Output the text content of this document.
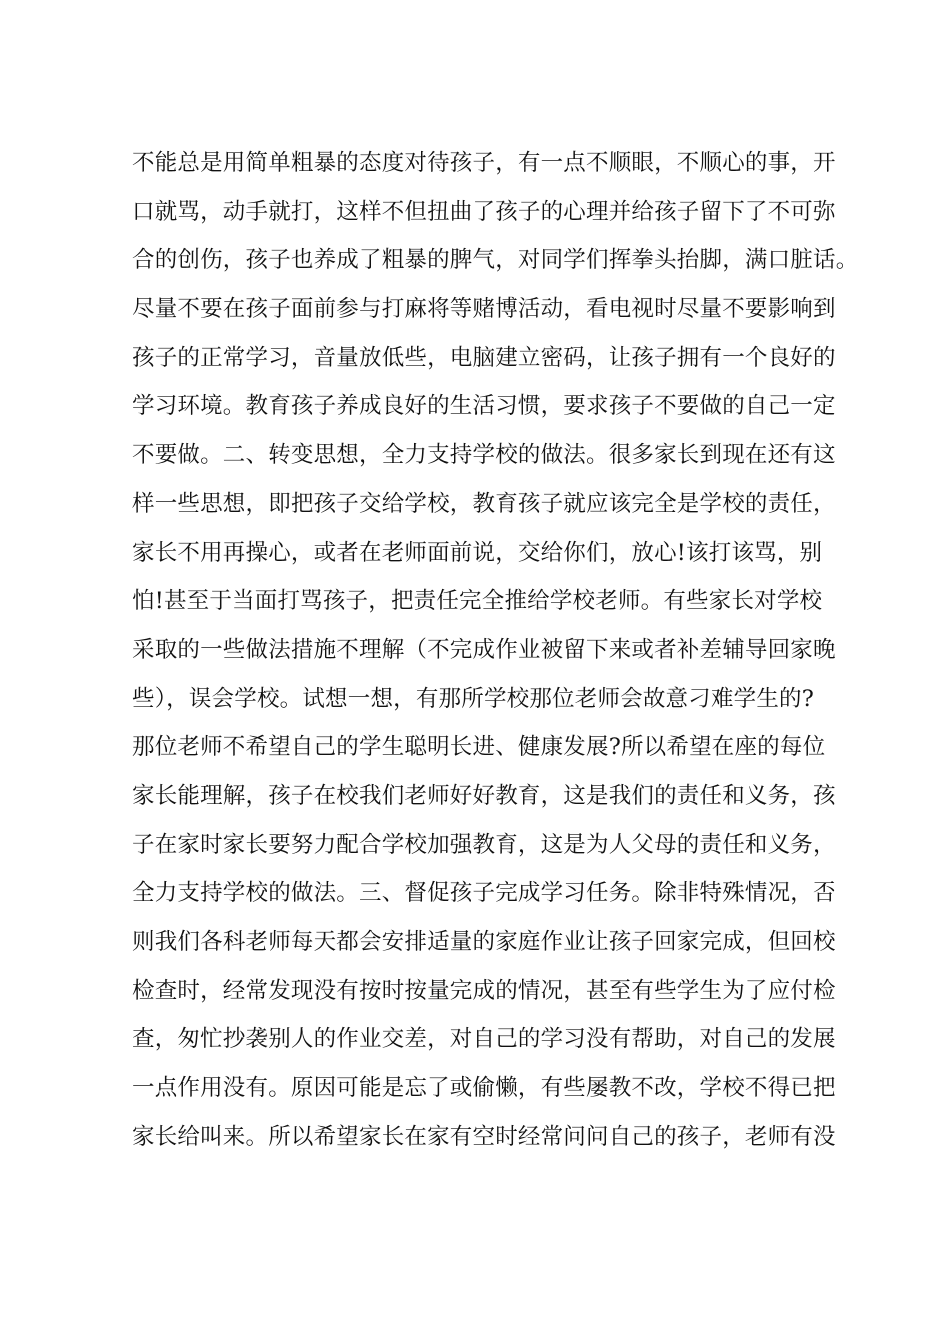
不能总是用简单粗暴的态度对待孩子，有一点不顺眼，不顺心的事，开
口就骂，动手就打，这样不但扭曲了孩子的心理并给孩子留下了不可弥
合的创伤，孩子也养成了粗暴的脾气，对同学们挥拳头抬脚，满口脏话。
尽量不要在孩子面前参与打麻将等赌博活动，看电视时尽量不要影响到
孩子的正常学习，音量放低些，电脑建立密码，让孩子拥有一个良好的
学习环境。教育孩子养成良好的生活习惯，要求孩子不要做的自己一定
不要做。二、转变思想，全力支持学校的做法。很多家长到现在还有这
样一些思想，即把孩子交给学校，教育孩子就应该完全是学校的责任，
家长不用再操心，或者在老师面前说，交给你们，放心!该打该骂，别
怕!甚至于当面打骂孩子，把责任完全推给学校老师。有些家长对学校
采取的一些做法措施不理解（不完成作业被留下来或者补差辅导回家晚
些），误会学校。试想一想，有那所学校那位老师会故意刁难学生的?
那位老师不希望自己的学生聪明长进、健康发展?所以希望在座的每位
家长能理解，孩子在校我们老师好好教育，这是我们的责任和义务，孩
子在家时家长要努力配合学校加强教育，这是为人父母的责任和义务，
全力支持学校的做法。三、督促孩子完成学习任务。除非特殊情况，否
则我们各科老师每天都会安排适量的家庭作业让孩子回家完成，但回校
检查时，经常发现没有按时按量完成的情况，甚至有些学生为了应付检
查，匆忙抄袭别人的作业交差，对自己的学习没有帮助，对自己的发展
一点作用没有。原因可能是忘了或偷懒，有些屡教不改，学校不得已把
家长给叫来。所以希望家长在家有空时经常问问自己的孩子，老师有没
